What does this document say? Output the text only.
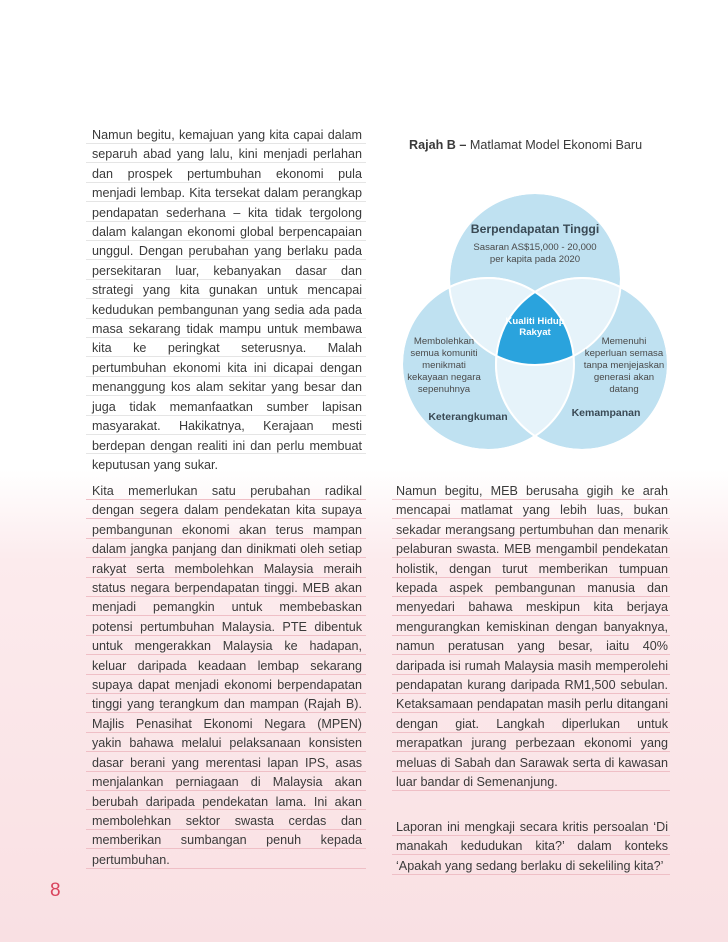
Namun begitu, kemajuan yang kita capai dalam separuh abad yang lalu, kini menjadi perlahan dan prospek pertumbuhan ekonomi pula menjadi lembap. Kita tersekat dalam perangkap pendapatan sederhana – kita tidak tergolong dalam kalangan ekonomi global berpencapaian unggul. Dengan perubahan yang berlaku pada persekitaran luar, kebanyakan dasar dan strategi yang kita gunakan untuk mencapai kedudukan pembangunan yang sedia ada pada masa sekarang tidak mampu untuk membawa kita ke peringkat seterusnya. Malah pertumbuhan ekonomi kita ini dicapai dengan menanggung kos alam sekitar yang besar dan juga tidak memanfaatkan sumber lapisan masyarakat. Hakikatnya, Kerajaan mesti berdepan dengan realiti ini dan perlu membuat keputusan yang sukar.

Kita memerlukan satu perubahan radikal dengan segera dalam pendekatan kita supaya pembangunan ekonomi akan terus mampan dalam jangka panjang dan dinikmati oleh setiap rakyat serta membolehkan Malaysia meraih status negara berpendapatan tinggi. MEB akan menjadi pemangkin untuk membebaskan potensi pertumbuhan Malaysia. PTE dibentuk untuk mengerakkan Malaysia ke hadapan, keluar daripada keadaan lembap sekarang supaya dapat menjadi ekonomi berpendapatan tinggi yang terangkum dan mampan (Rajah B). Majlis Penasihat Ekonomi Negara (MPEN) yakin bahawa melalui pelaksanaan konsisten dasar berani yang merentasi lapan IPS, asas menjalankan perniagaan di Malaysia akan berubah daripada pendekatan lama. Ini akan membolehkan sektor swasta cerdas dan memberikan sumbangan penuh kepada pertumbuhan.

Namun begitu, MEB berusaha gigih ke arah mencapai matlamat yang lebih luas, bukan sekadar merangsang pertumbuhan dan menarik pelaburan swasta. MEB mengambil pendekatan holistik, dengan turut memberikan tumpuan kepada aspek pembangunan manusia dan menyedari bahawa meskipun kita berjaya mengurangkan kemiskinan dengan banyaknya, namun peratusan yang besar, iaitu 40% daripada isi rumah Malaysia masih memperolehi pendapatan kurang daripada RM1,500 sebulan. Ketaksamaan pendapatan masih perlu ditangani dengan giat. Langkah diperlukan untuk merapatkan jurang perbezaan ekonomi yang meluas di Sabah dan Sarawak serta di kawasan luar bandar di Semenanjung.

Laporan ini mengkaji secara kritis persoalan ‘Di manakah kedudukan kita?’ dalam konteks ‘Apakah yang sedang berlaku di sekeliling kita?’

Rajah B – Matlamat Model Ekonomi Baru

Berpendapatan Tinggi
Sasaran AS$15,000 - 20,000
per kapita pada 2020
Kualiti Hidup
Rakyat
Membolehkan
semua komuniti
menikmati
kekayaan negara
sepenuhnya
Keterangkuman
Memenuhi
keperluan semasa
tanpa menjejaskan
generasi akan
datang
Kemampanan

8
